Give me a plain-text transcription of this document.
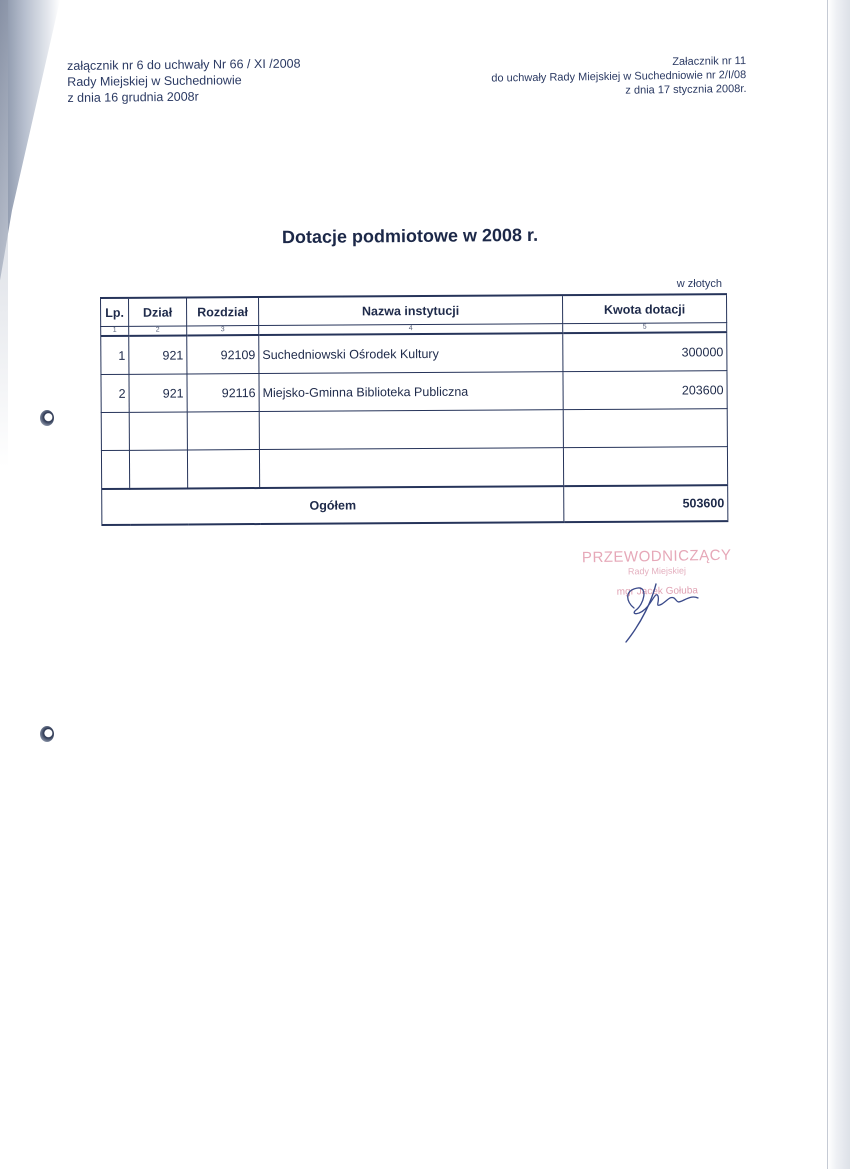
załącznik nr 6 do uchwały Nr 66 / XI /2008
Rady Miejskiej w Suchedniowie
z dnia 16 grudnia 2008r
Załacznik nr 11
do uchwały Rady Miejskiej w Suchedniowie nr 2/I/08
z dnia 17 stycznia 2008r.
Dotacje podmiotowe w 2008 r.
w złotych
Lp.	Dział	Rozdział	Nazwa instytucji	Kwota dotacji
1	2	3	4	5
1	921	92109	Suchedniowski Ośrodek Kultury	300000
2	921	92116	Miejsko-Gminna Biblioteka Publiczna	203600

Ogółem				503600
PRZEWODNICZĄCY
Rady Miejskiej
mgr Jacek Gołuba
